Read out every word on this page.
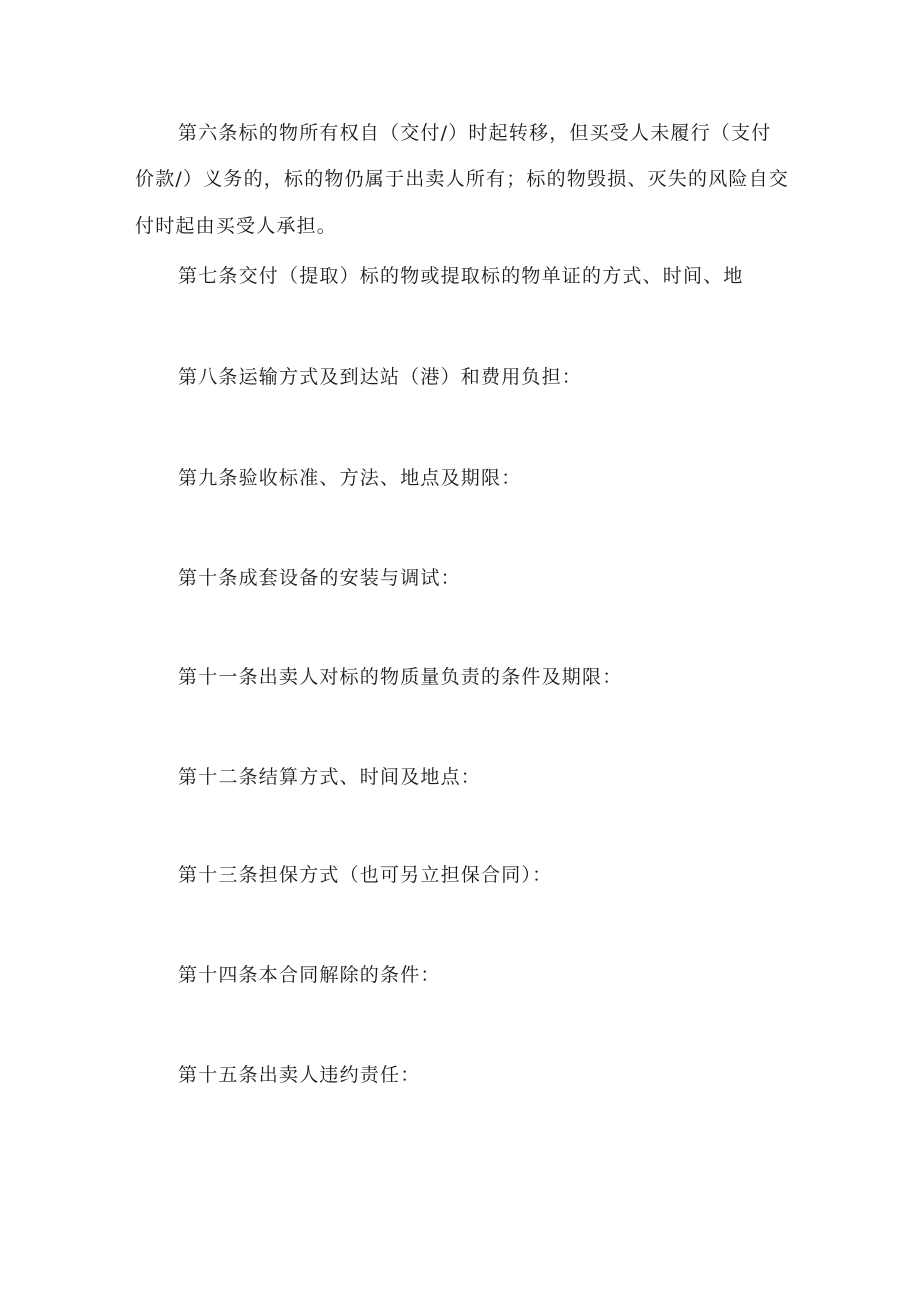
第六条标的物所有权自（交付/）时起转移，但买受人未履行（支付
价款/）义务的，标的物仍属于出卖人所有；标的物毁损、灭失的风险自交
付时起由买受人承担。
第七条交付（提取）标的物或提取标的物单证的方式、时间、地
第八条运输方式及到达站（港）和费用负担：
第九条验收标准、方法、地点及期限：
第十条成套设备的安装与调试：
第十一条出卖人对标的物质量负责的条件及期限：
第十二条结算方式、时间及地点：
第十三条担保方式（也可另立担保合同）：
第十四条本合同解除的条件：
第十五条出卖人违约责任：
